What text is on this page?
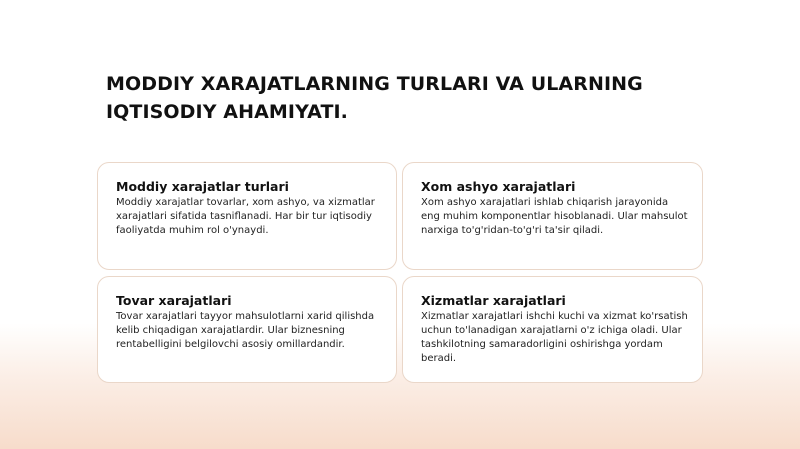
MODDIY XARAJATLARNING TURLARI VA ULARNING IQTISODIY AHAMIYATI.
Moddiy xarajatlar turlari

Moddiy xarajatlar tovarlar, xom ashyo, va xizmatlar xarajatlari sifatida tasniflanadi. Har bir tur iqtisodiy faoliyatda muhim rol o'ynaydi.

Xom ashyo xarajatlari

Xom ashyo xarajatlari ishlab chiqarish jarayonida eng muhim komponentlar hisoblanadi. Ular mahsulot narxiga to'g'ridan-to'g'ri ta'sir qiladi.

Tovar xarajatlari

Tovar xarajatlari tayyor mahsulotlarni xarid qilishda kelib chiqadigan xarajatlardir. Ular biznesning rentabelligini belgilovchi asosiy omillardandir.

Xizmatlar xarajatlari

Xizmatlar xarajatlari ishchi kuchi va xizmat ko'rsatish uchun to'lanadigan xarajatlarni o'z ichiga oladi. Ular tashkilotning samaradorligini oshirishga yordam beradi.
